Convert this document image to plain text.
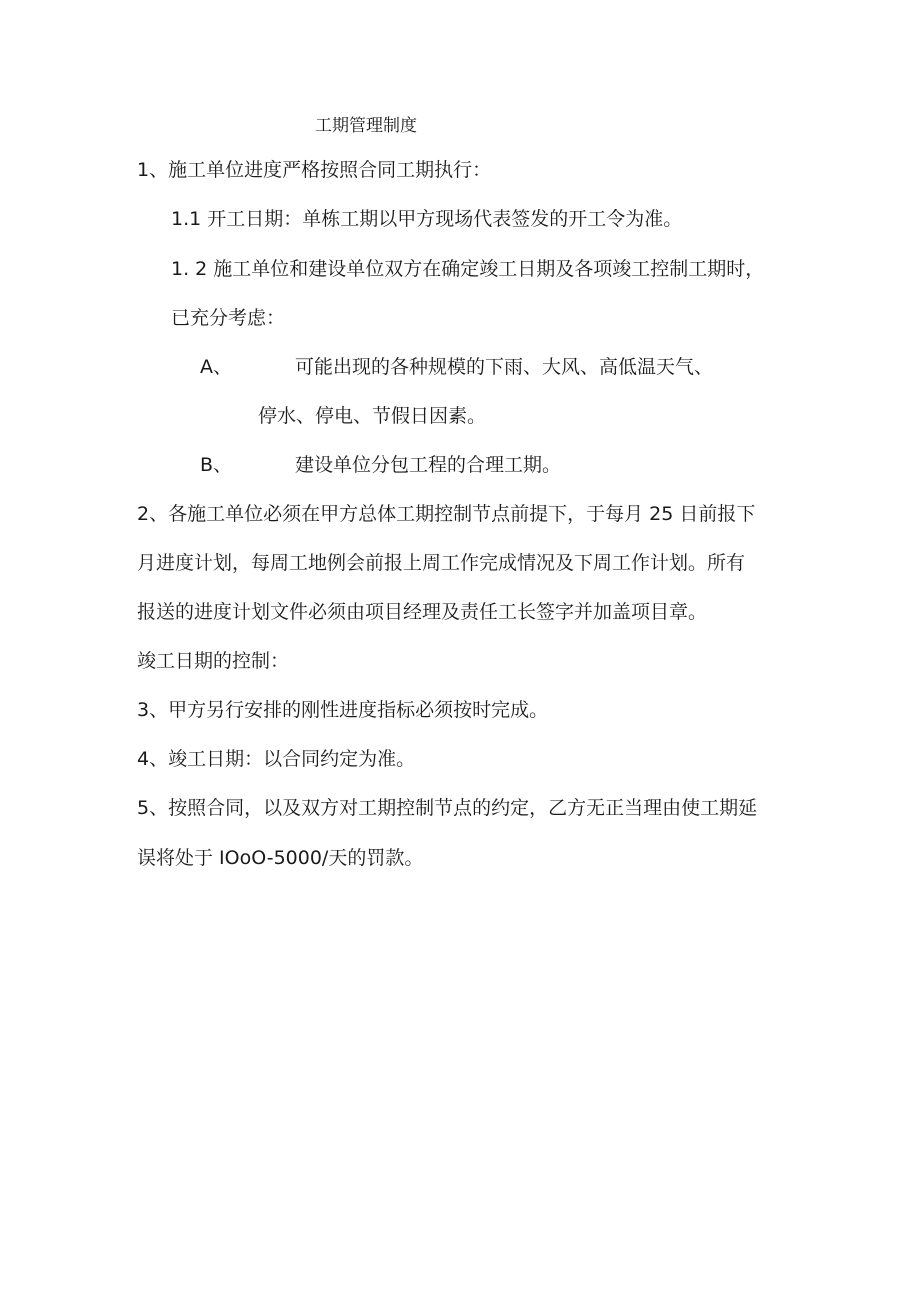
工期管理制度
1、施工单位进度严格按照合同工期执行：
1.1 开工日期：单栋工期以甲方现场代表签发的开工令为准。
1. 2 施工单位和建设单位双方在确定竣工日期及各项竣工控制工期时，
已充分考虑：
A、	可能出现的各种规模的下雨、大风、高低温天气、
停水、停电、节假日因素。
B、	建设单位分包工程的合理工期。
2、各施工单位必须在甲方总体工期控制节点前提下，于每月 25 日前报下
月进度计划，每周工地例会前报上周工作完成情况及下周工作计划。所有
报送的进度计划文件必须由项目经理及责任工长签字并加盖项目章。
竣工日期的控制：
3、甲方另行安排的刚性进度指标必须按时完成。
4、竣工日期：以合同约定为准。
5、按照合同，以及双方对工期控制节点的约定，乙方无正当理由使工期延
误将处于 IOoO-5000/天的罚款。
